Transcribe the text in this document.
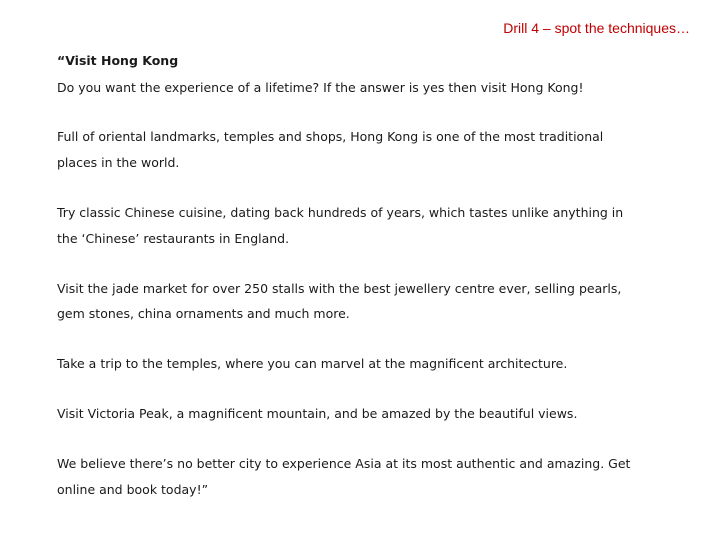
Drill 4 – spot the techniques…
“Visit Hong Kong
Do you want the experience of a lifetime? If the answer is yes then visit Hong Kong!
Full of oriental landmarks, temples and shops, Hong Kong is one of the most traditional
places in the world.
Try classic Chinese cuisine, dating back hundreds of years, which tastes unlike anything in
the ‘Chinese’ restaurants in England.
Visit the jade market for over 250 stalls with the best jewellery centre ever, selling pearls,
gem stones, china ornaments and much more.
Take a trip to the temples, where you can marvel at the magnificent architecture.
Visit Victoria Peak, a magnificent mountain, and be amazed by the beautiful views.
We believe there’s no better city to experience Asia at its most authentic and amazing. Get
online and book today!”
